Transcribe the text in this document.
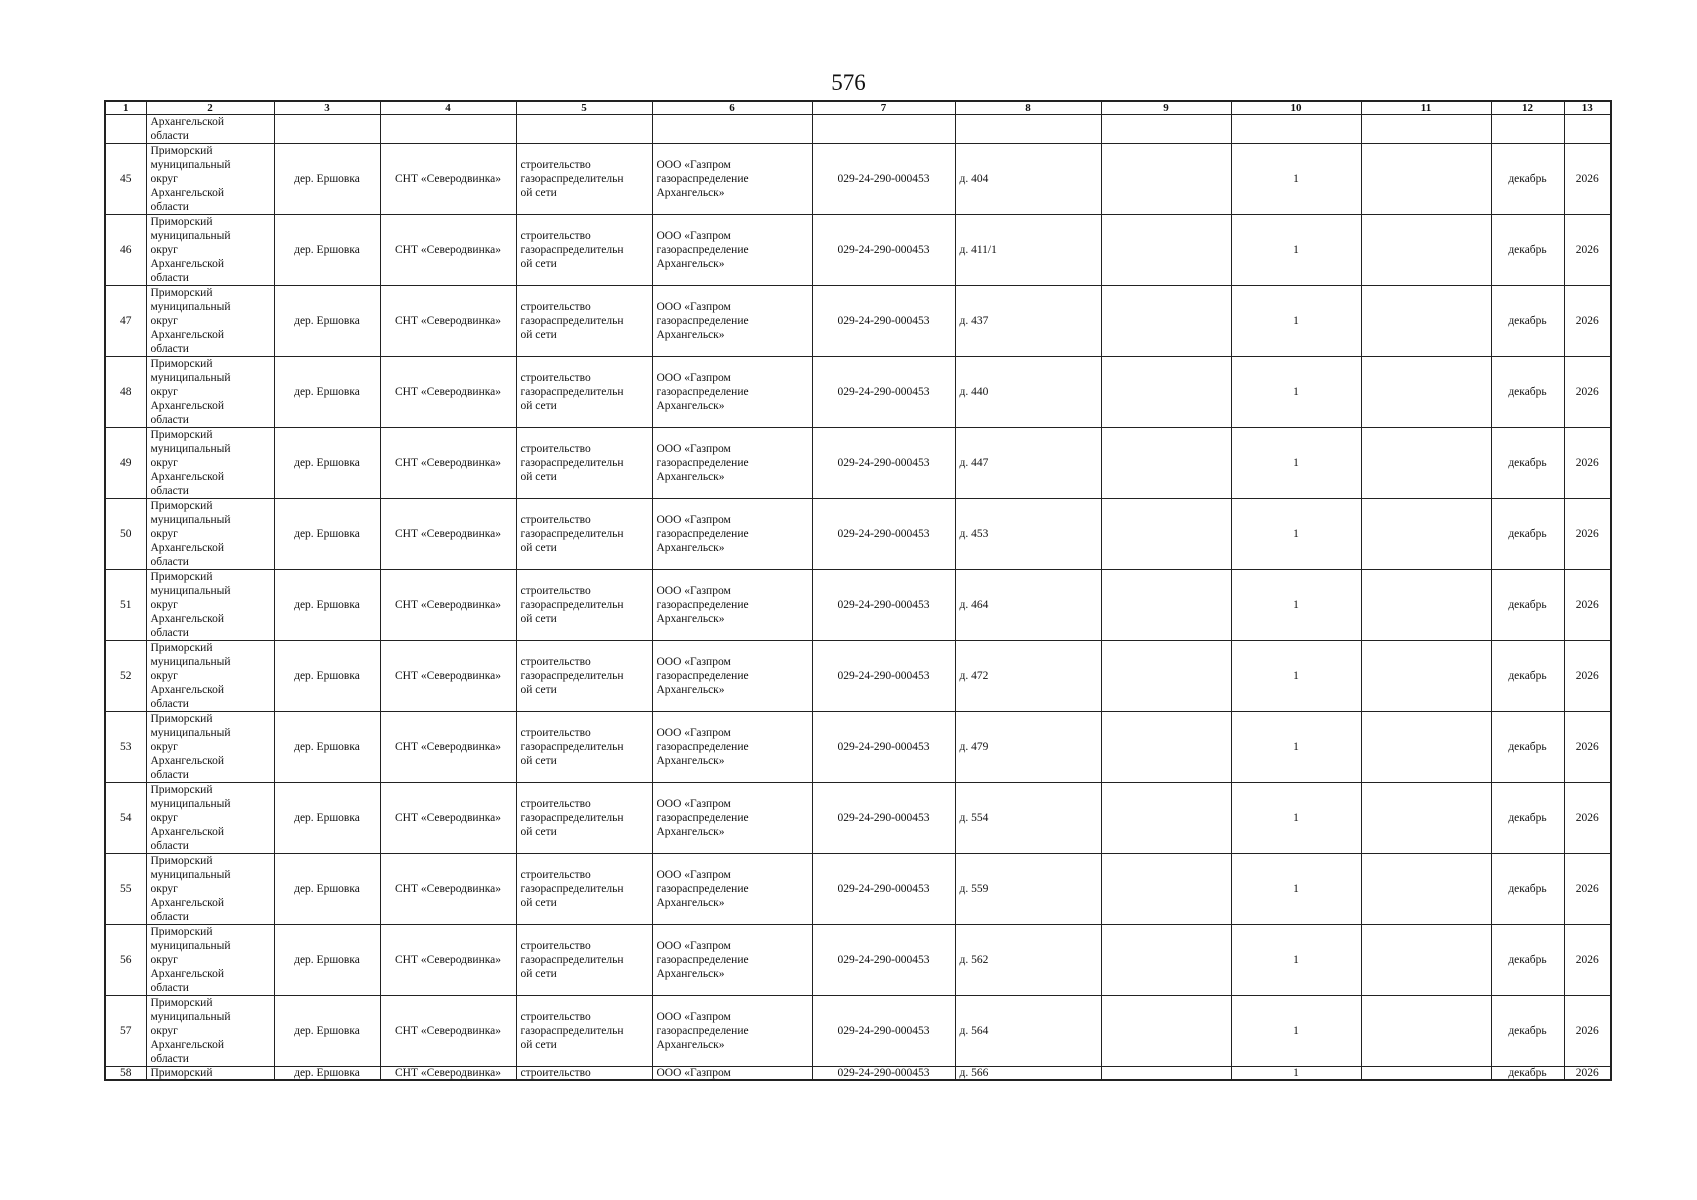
576
1	2	3	4	5	6	7	8	9	10	11	12	13
	Архангельской
области											
45	Приморский
муниципальный
округ
Архангельской
области	дер. Ершовка	СНТ «Северодвинка»	строительство
газораспределительн
ой сети	ООО «Газпром
газораспределение
Архангельск»	029-24-290-000453	д. 404		1		декабрь	2026
46	Приморский
муниципальный
округ
Архангельской
области	дер. Ершовка	СНТ «Северодвинка»	строительство
газораспределительн
ой сети	ООО «Газпром
газораспределение
Архангельск»	029-24-290-000453	д. 411/1		1		декабрь	2026
47	Приморский
муниципальный
округ
Архангельской
области	дер. Ершовка	СНТ «Северодвинка»	строительство
газораспределительн
ой сети	ООО «Газпром
газораспределение
Архангельск»	029-24-290-000453	д. 437		1		декабрь	2026
48	Приморский
муниципальный
округ
Архангельской
области	дер. Ершовка	СНТ «Северодвинка»	строительство
газораспределительн
ой сети	ООО «Газпром
газораспределение
Архангельск»	029-24-290-000453	д. 440		1		декабрь	2026
49	Приморский
муниципальный
округ
Архангельской
области	дер. Ершовка	СНТ «Северодвинка»	строительство
газораспределительн
ой сети	ООО «Газпром
газораспределение
Архангельск»	029-24-290-000453	д. 447		1		декабрь	2026
50	Приморский
муниципальный
округ
Архангельской
области	дер. Ершовка	СНТ «Северодвинка»	строительство
газораспределительн
ой сети	ООО «Газпром
газораспределение
Архангельск»	029-24-290-000453	д. 453		1		декабрь	2026
51	Приморский
муниципальный
округ
Архангельской
области	дер. Ершовка	СНТ «Северодвинка»	строительство
газораспределительн
ой сети	ООО «Газпром
газораспределение
Архангельск»	029-24-290-000453	д. 464		1		декабрь	2026
52	Приморский
муниципальный
округ
Архангельской
области	дер. Ершовка	СНТ «Северодвинка»	строительство
газораспределительн
ой сети	ООО «Газпром
газораспределение
Архангельск»	029-24-290-000453	д. 472		1		декабрь	2026
53	Приморский
муниципальный
округ
Архангельской
области	дер. Ершовка	СНТ «Северодвинка»	строительство
газораспределительн
ой сети	ООО «Газпром
газораспределение
Архангельск»	029-24-290-000453	д. 479		1		декабрь	2026
54	Приморский
муниципальный
округ
Архангельской
области	дер. Ершовка	СНТ «Северодвинка»	строительство
газораспределительн
ой сети	ООО «Газпром
газораспределение
Архангельск»	029-24-290-000453	д. 554		1		декабрь	2026
55	Приморский
муниципальный
округ
Архангельской
области	дер. Ершовка	СНТ «Северодвинка»	строительство
газораспределительн
ой сети	ООО «Газпром
газораспределение
Архангельск»	029-24-290-000453	д. 559		1		декабрь	2026
56	Приморский
муниципальный
округ
Архангельской
области	дер. Ершовка	СНТ «Северодвинка»	строительство
газораспределительн
ой сети	ООО «Газпром
газораспределение
Архангельск»	029-24-290-000453	д. 562		1		декабрь	2026
57	Приморский
муниципальный
округ
Архангельской
области	дер. Ершовка	СНТ «Северодвинка»	строительство
газораспределительн
ой сети	ООО «Газпром
газораспределение
Архангельск»	029-24-290-000453	д. 564		1		декабрь	2026
58	Приморский	дер. Ершовка	СНТ «Северодвинка»	строительство	ООО «Газпром	029-24-290-000453	д. 566		1		декабрь	2026
